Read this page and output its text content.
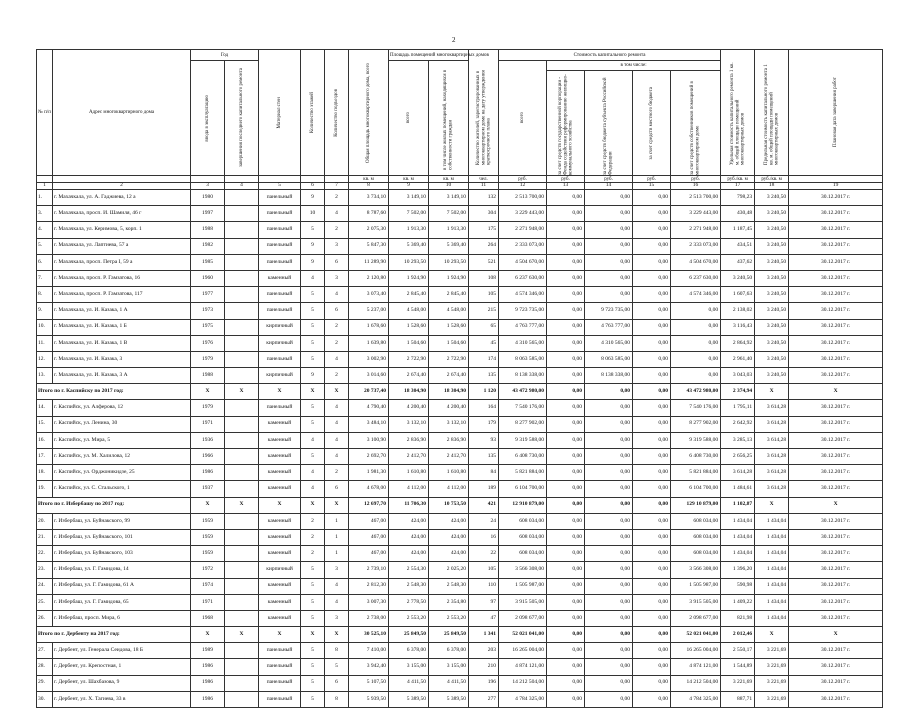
2
№ п/п	Адрес многоквартирного дома	Год		Материал стен	Количество этажей	Количество подъездов	Общая площадь многоквартирного дома, всего	Площадь помещений многоквартирных домов		Количество жителей, зарегистрированных в многоквартирном доме на дату утверждения краткосрочного плана	Стоимость капитального ремонта					Удельная стоимость капитального ремонта 1 кв. м. общей площади помещений многоквартирных домов	Предельная стоимость капитального ремонта 1 кв. м. общей площади помещений многоквартирных домов	Плановая дата завершения работ

		ввода в эксплуатацию	завершения последнего капитального ремонта					всего	в том числе жилых помещений, находящихся в собственности граждан		всего	в том числе:						

												за счет средств государственной корпорации - Фонда содействия реформированию жилищно-коммунального хозяйства	за счет средств бюджета субъекта Российской Федерации	за счет средств местного бюджета	за счет средств собственников помещений в многоквартирном доме			

							кв. м	кв. м	кв. м	чел.	руб.	руб.	руб.	руб.	руб.	руб./кв. м	руб./кв. м	
1	2	3	4	5	6	7	8	9	10	11	12	13	14	15	16	17	18	19
1.	г. Махачкала, ул. А. Гаджиева, 12 а	1980		панельный	9	2	3 734,10	3 149,10	3 149,10	132	2 513 700,00	0,00	0,00	0,00	2 513 700,00	798,23	3 240,50	30.12.2017 г.
3.	г. Махачкала, просп. И. Шамиля, 46 г	1997		панельный	10	4	8 787,60	7 502,00	7 502,00	304	3 229 443,00	0,00	0,00	0,00	3 229 443,00	430,48	3 240,50	30.12.2017 г.
4.	г. Махачкала, ул. Керимова, 5, корп. 1	1988		панельный	5	2	2 075,30	1 913,30	1 913,30	175	2 271 948,00	0,00	0,00	0,00	2 271 948,00	1 187,45	3 240,50	30.12.2017 г.
5.	г. Махачкала, ул. Лаптиева, 57 а	1982		панельный	9	3	5 847,30	5 369,40	5 369,40	264	2 333 073,00	0,00	0,00	0,00	2 333 073,00	434,51	3 240,50	30.12.2017 г.
6.	г. Махачкала, просп. Петра I, 59 а	1985		панельный	9	6	11 289,90	10 293,50	10 293,50	521	4 504 670,00	0,00	0,00	0,00	4 504 670,00	437,62	3 240,50	30.12.2017 г.
7.	г. Махачкала, просп. Р. Гамзатова, 16	1960		каменный	4	3	2 120,80	1 924,90	1 924,90	108	6 237 630,00	0,00	0,00	0,00	6 237 630,00	3 240,50	3 240,50	30.12.2017 г.
8.	г. Махачкала, просп. Р. Гамзатова, 117	1977		панельный	5	4	3 073,40	2 845,40	2 845,40	105	4 574 346,00	0,00	0,00	0,00	4 574 346,00	1 607,63	3 240,50	30.12.2017 г.
9.	г. Махачкала, ул. И. Казака, 1 А	1973		панельный	5	6	5 237,00	4 548,00	4 548,00	215	9 723 735,00	0,00	9 723 735,00	0,00	0,00	2 138,02	3 240,50	30.12.2017 г.
10.	г. Махачкала, ул. И. Казака, 1 Б	1975		кирпичный	5	2	1 678,60	1 528,60	1 528,60	65	4 763 777,00	0,00	4 763 777,00	0,00	0,00	3 116,43	3 240,50	30.12.2017 г.
11.	г. Махачкала, ул. И. Казака, 1 В	1976		кирпичный	5	2	1 639,80	1 504,60	1 504,60	45	4 310 565,00	0,00	4 310 565,00	0,00	0,00	2 864,92	3 240,50	30.12.2017 г.
12.	г. Махачкала, ул. И. Казака, 3	1979		панельный	5	4	3 002,90	2 722,90	2 722,90	174	8 063 585,00	0,00	8 063 585,00	0,00	0,00	2 961,40	3 240,50	30.12.2017 г.
13.	г. Махачкала, ул. И. Казака, 3 А	1988		кирпичный	9	2	3 014,60	2 674,40	2 674,40	135	8 138 338,00	0,00	8 138 338,00	0,00	0,00	3 043,03	3 240,50	30.12.2017 г.
Итого по г. Каспийску по 2017 год:		X	X	X	X	X	20 737,40	18 304,90	18 304,90	1 120	43 472 980,00	0,00	0,00	0,00	43 472 980,00	2 374,94	X	X
14.	г. Каспийск, ул. Алферова, 12	1979		панельный	5	4	4 790,40	4 200,40	4 200,40	164	7 540 176,00	0,00	0,00	0,00	7 540 176,00	1 795,11	3 614,28	30.12.2017 г.
15.	г. Каспийск, ул. Ленина, 30	1971		каменный	5	4	3 484,10	3 132,10	3 132,10	179	8 277 902,00	0,00	0,00	0,00	8 277 902,00	2 642,92	3 614,28	30.12.2017 г.
16.	г. Каспийск, ул. Мира, 5	1936		каменный	4	4	3 100,90	2 836,90	2 836,90	93	9 319 588,00	0,00	0,00	0,00	9 319 588,00	3 285,13	3 614,28	30.12.2017 г.
17.	г. Каспийск, ул. М. Халилова, 12	1966		каменный	5	4	2 692,70	2 412,70	2 412,70	135	6 408 730,00	0,00	0,00	0,00	6 408 730,00	2 656,25	3 614,28	30.12.2017 г.
18.	г. Каспийск, ул. Орджоникидзе, 25	1986		каменный	4	2	1 981,30	1 610,80	1 610,80	84	5 821 884,00	0,00	0,00	0,00	5 821 884,00	3 614,28	3 614,28	30.12.2017 г.
19.	г. Каспийск, ул. С. Стальского, 1	1937		каменный	4	6	4 678,00	4 112,00	4 112,00	189	6 104 700,00	0,00	0,00	0,00	6 104 700,00	1 484,61	3 614,28	30.12.2017 г.
Итого по г. Избербашу по 2017 год:		X	X	X	X	X	12 697,70	11 706,30	10 753,50	421	12 910 879,00	0,00	0,00	0,00	129 10 879,00	1 102,87	X	X
20.	г. Избербаш, ул. Буйнакского, 99	1959		каменный	2	1	467,00	424,00	424,00	24	608 034,00	0,00	0,00	0,00	608 034,00	1 434,04	1 434,04	30.12.2017 г.
21.	г. Избербаш, ул. Буйнакского, 101	1959		каменный	2	1	467,00	424,00	424,00	16	608 034,00	0,00	0,00	0,00	608 034,00	1 434,04	1 434,04	30.12.2017 г.
22.	г. Избербаш, ул. Буйнакского, 103	1959		каменный	2	1	467,00	424,00	424,00	22	608 034,00	0,00	0,00	0,00	608 034,00	1 434,04	1 434,04	30.12.2017 г.
23.	г. Избербаш, ул. Г. Гамидова, 14	1972		кирпичный	5	3	2 739,10	2 554,30	2 025,20	105	3 566 308,00	0,00	0,00	0,00	3 566 308,00	1 396,20	1 434,04	30.12.2017 г.
24.	г. Избербаш, ул. Г. Гамидова, 61 А	1974		каменный	5	4	2 812,30	2 548,30	2 548,30	110	1 505 987,00	0,00	0,00	0,00	1 505 987,00	590,98	1 434,04	30.12.2017 г.
25.	г. Избербаш, ул. Г. Гамидова, 65	1971		каменный	5	4	3 007,30	2 778,50	2 354,80	97	3 915 505,00	0,00	0,00	0,00	3 915 505,00	1 409,22	1 434,04	30.12.2017 г.
26.	г. Избербаш, просп. Мира, 6	1968		каменный	5	3	2 738,00	2 553,20	2 553,20	47	2 098 677,00	0,00	0,00	0,00	2 098 677,00	821,98	1 434,04	30.12.2017 г.
Итого по г. Дербенту на 2017 год:		X	X	X	X	X	30 525,10	25 849,50	25 849,50	1 341	52 021 041,00	0,00	0,00	0,00	52 021 041,00	2 012,46	X	X
27.	г. Дербент, ул. Генерала Сеидова, 18 Б	1989		панельный	5	8	7 410,00	6 378,00	6 378,00	203	16 265 004,00	0,00	0,00	0,00	16 265 004,00	2 550,17	3 221,69	30.12.2017 г.
28.	г. Дербент, ул. Крепостная, 1	1986		панельный	5	5	3 942,40	3 155,00	3 155,00	210	4 874 121,00	0,00	0,00	0,00	4 874 121,00	1 544,89	3 221,69	30.12.2017 г.
29.	г. Дербент, ул. Шахбазова, 9	1986		панельный	5	6	5 107,50	4 411,50	4 411,50	196	14 212 504,00	0,00	0,00	0,00	14 212 504,00	3 221,69	3 221,69	30.12.2017 г.
30.	г. Дербент, ул. Х. Тагиева, 33 в	1986		панельный	5	8	5 939,50	5 389,50	5 389,50	277	4 784 325,00	0,00	0,00	0,00	4 784 325,00	887,71	3 221,69	30.12.2017 г.
